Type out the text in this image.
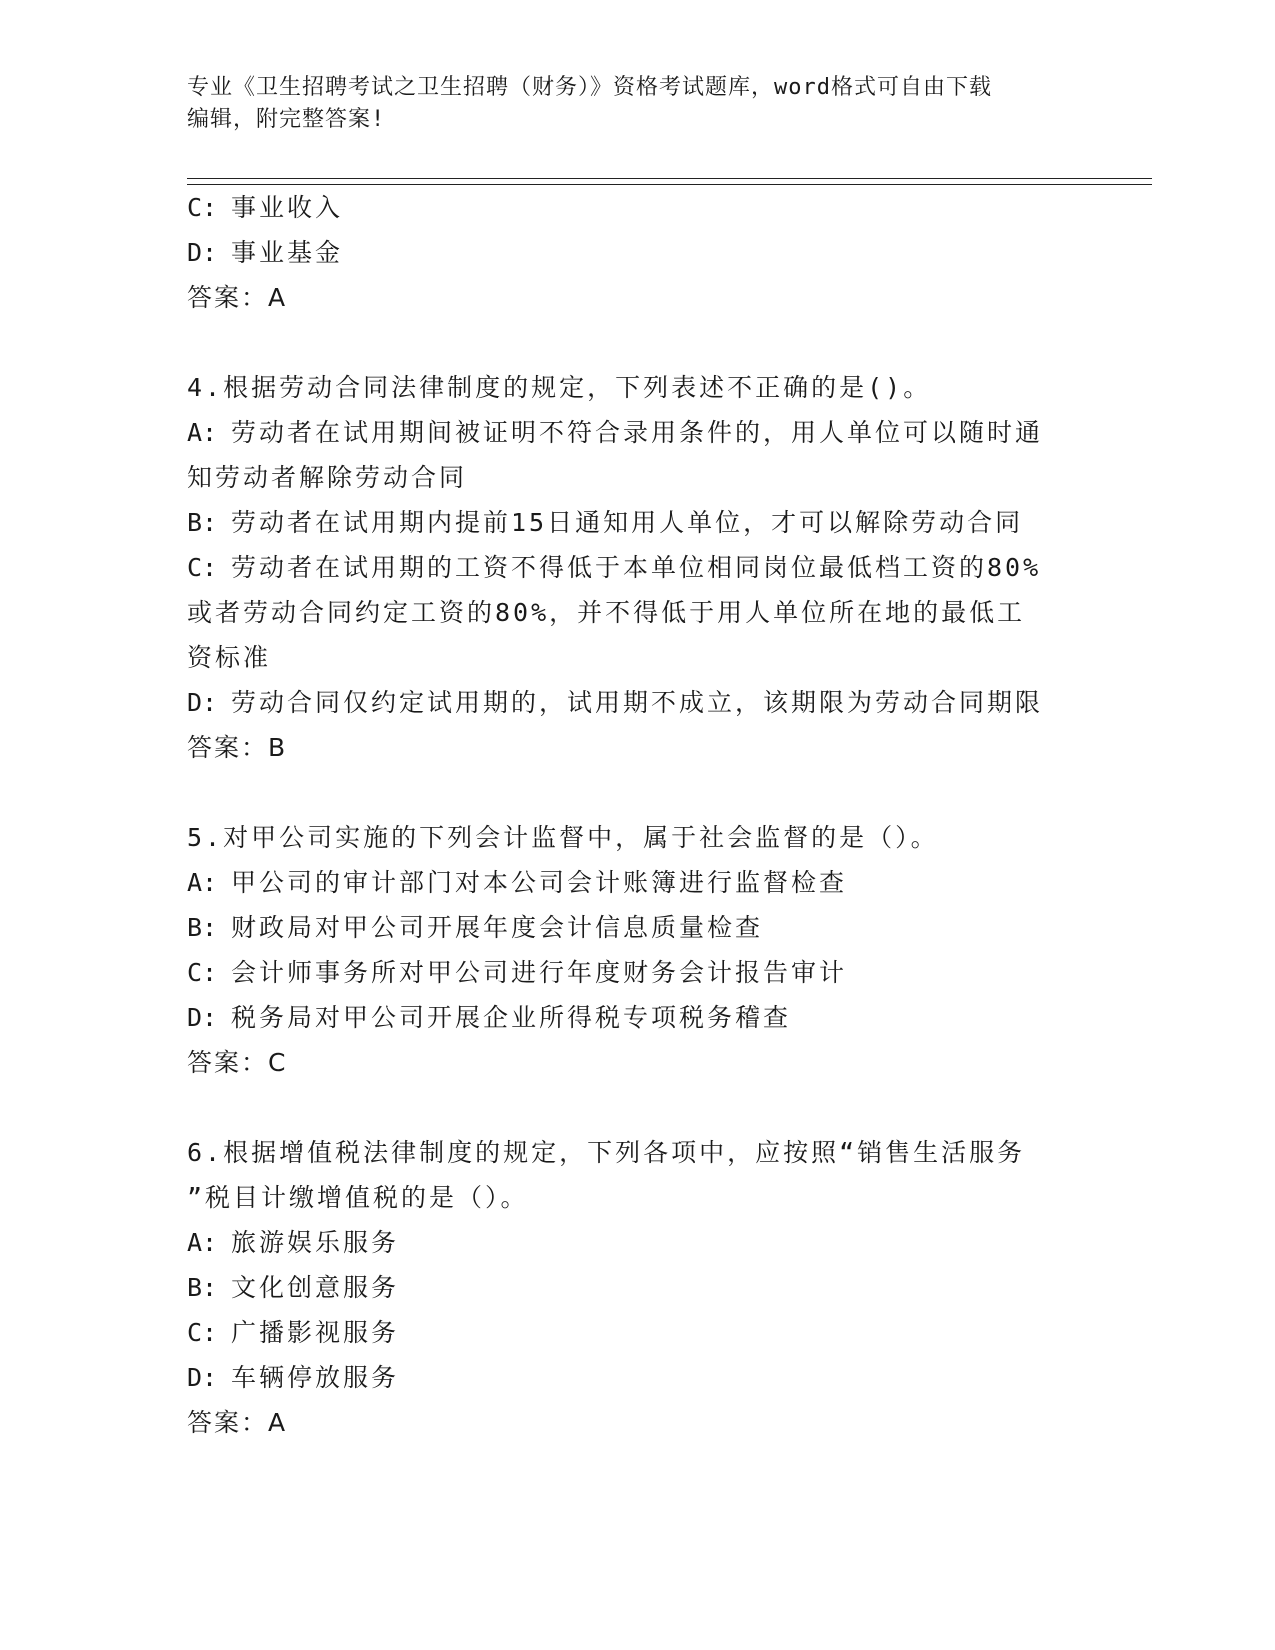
专业《卫生招聘考试之卫生招聘（财务）》资格考试题库，word格式可自由下载
编辑，附完整答案!
C: 事业收入
D: 事业基金
答案：A
4.根据劳动合同法律制度的规定，下列表述不正确的是()。
A: 劳动者在试用期间被证明不符合录用条件的，用人单位可以随时通
知劳动者解除劳动合同
B: 劳动者在试用期内提前15日通知用人单位，才可以解除劳动合同
C: 劳动者在试用期的工资不得低于本单位相同岗位最低档工资的80%
或者劳动合同约定工资的80%，并不得低于用人单位所在地的最低工
资标准
D: 劳动合同仅约定试用期的，试用期不成立，该期限为劳动合同期限
答案：B
5.对甲公司实施的下列会计监督中，属于社会监督的是（）。
A: 甲公司的审计部门对本公司会计账簿进行监督检查
B: 财政局对甲公司开展年度会计信息质量检查
C: 会计师事务所对甲公司进行年度财务会计报告审计
D: 税务局对甲公司开展企业所得税专项税务稽查
答案：C
6.根据增值税法律制度的规定，下列各项中，应按照“销售生活服务
”税目计缴增值税的是（）。
A: 旅游娱乐服务
B: 文化创意服务
C: 广播影视服务
D: 车辆停放服务
答案：A
